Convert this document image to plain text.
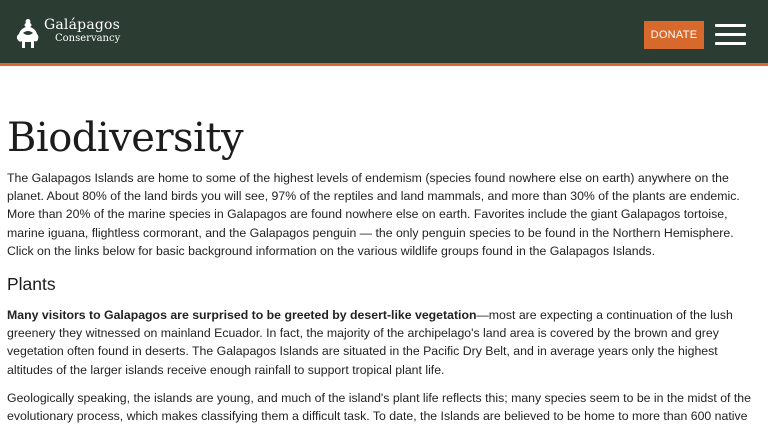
Galápagos
Conservancy	DONATE
Biodiversity

The Galapagos Islands are home to some of the highest levels of endemism (species found nowhere else on earth) anywhere on the planet. About 80% of the land birds you will see, 97% of the reptiles and land mammals, and more than 30% of the plants are endemic. More than 20% of the marine species in Galapagos are found nowhere else on earth. Favorites include the giant Galapagos tortoise, marine iguana, flightless cormorant, and the Galapagos penguin — the only penguin species to be found in the Northern Hemisphere. Click on the links below for basic background information on the various wildlife groups found in the Galapagos Islands.

Plants

Many visitors to Galapagos are surprised to be greeted by desert-like vegetation—most are expecting a continuation of the lush greenery they witnessed on mainland Ecuador. In fact, the majority of the archipelago's land area is covered by the brown and grey vegetation often found in deserts. The Galapagos Islands are situated in the Pacific Dry Belt, and in average years only the highest altitudes of the larger islands receive enough rainfall to support tropical plant life.

Geologically speaking, the islands are young, and much of the island's plant life reflects this; many species seem to be in the midst of the evolutionary process, which makes classifying them a difficult task. To date, the Islands are believed to be home to more than 600 native
